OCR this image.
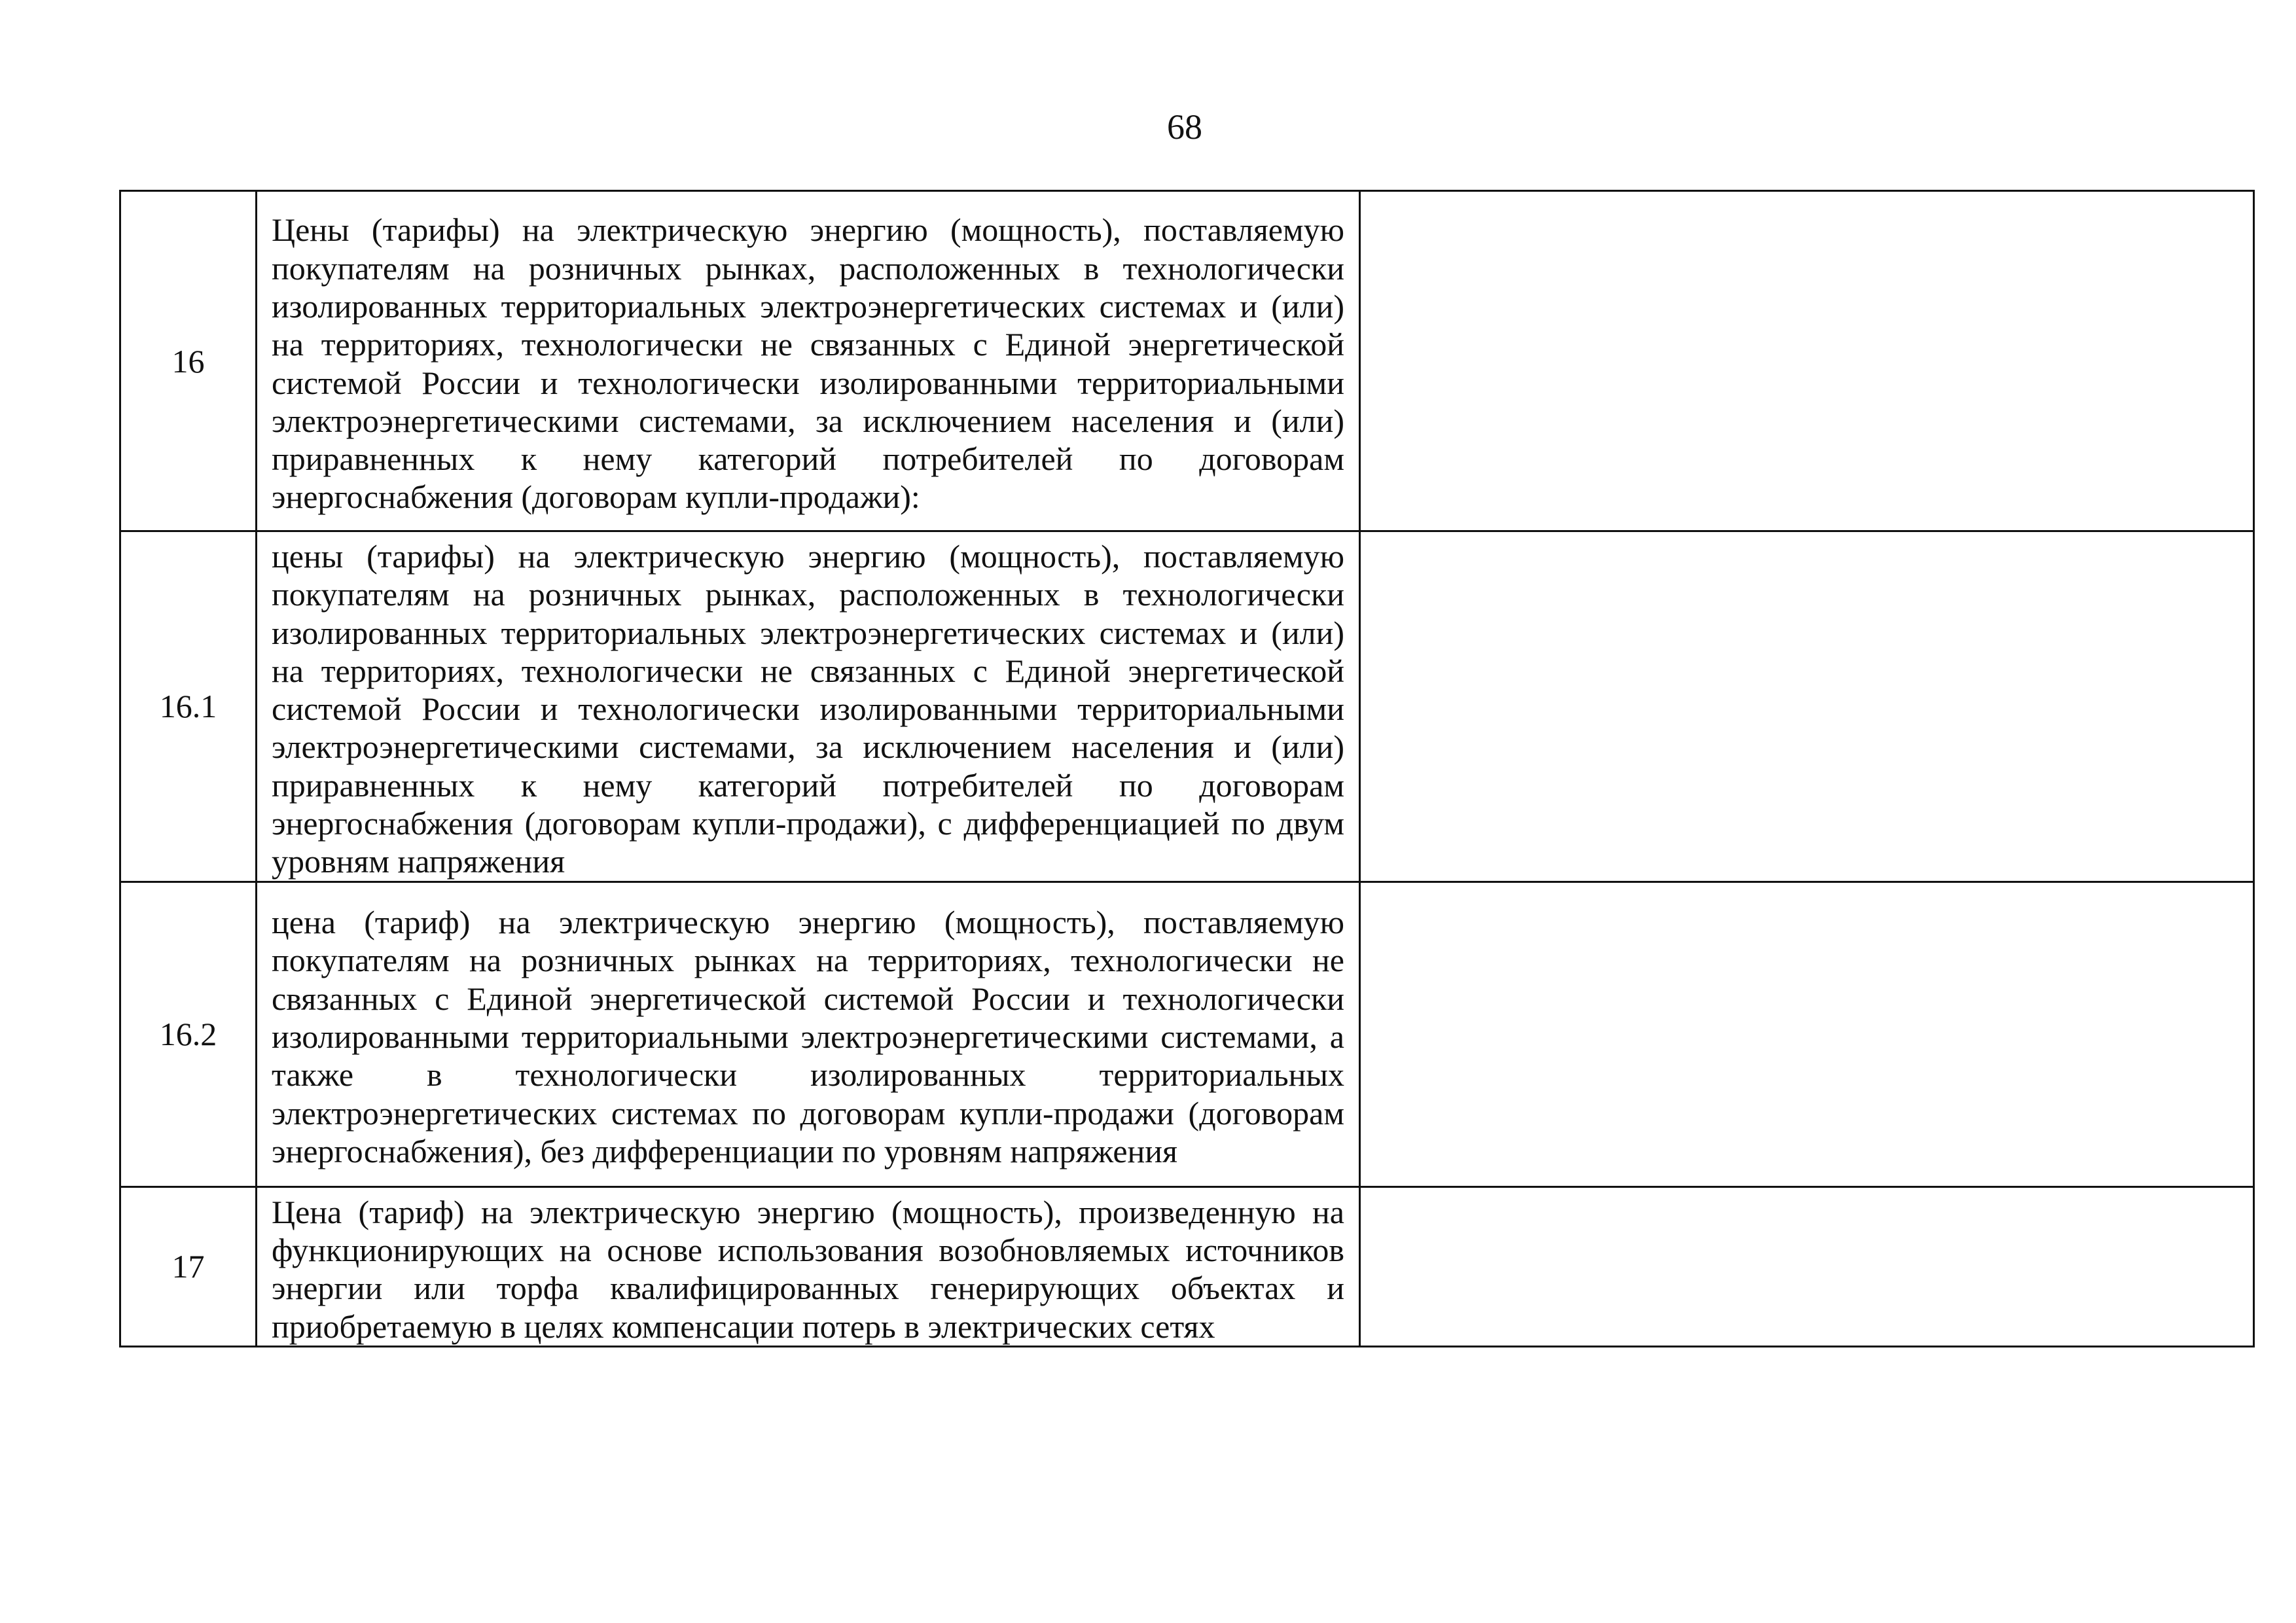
68
16	Цены (тарифы) на электрическую энергию (мощность), поставляемую покупателям на розничных рынках, расположенных в технологически изолированных территориальных электроэнергетических системах и (или) на территориях, технологически не связанных с Единой энергетической системой России и технологически изолированными территориальными электроэнергетическими системами, за исключением населения и (или) приравненных к нему категорий потребителей по договорам энергоснабжения (договорам купли-продажи):	

16.1	цены (тарифы) на электрическую энергию (мощность), поставляемую покупателям на розничных рынках, расположенных в технологически изолированных территориальных электроэнергетических системах и (или) на территориях, технологически не связанных с Единой энергетической системой России и технологически изолированными территориальными электроэнергетическими системами, за исключением населения и (или) приравненных к нему категорий потребителей по договорам энергоснабжения (договорам купли-продажи), с дифференциацией по двум уровням напряжения	

16.2	цена (тариф) на электрическую энергию (мощность), поставляемую покупателям на розничных рынках на территориях, технологически не связанных с Единой энергетической системой России и технологически изолированными территориальными электроэнергетическими системами, а также в технологически изолированных территориальных электроэнергетических системах по договорам купли-продажи (договорам энергоснабжения), без дифференциации по уровням напряжения	

17	Цена (тариф) на электрическую энергию (мощность), произведенную на функционирующих на основе использования возобновляемых источников энергии или торфа квалифицированных генерирующих объектах и приобретаемую в целях компенсации потерь в электрических сетях	
